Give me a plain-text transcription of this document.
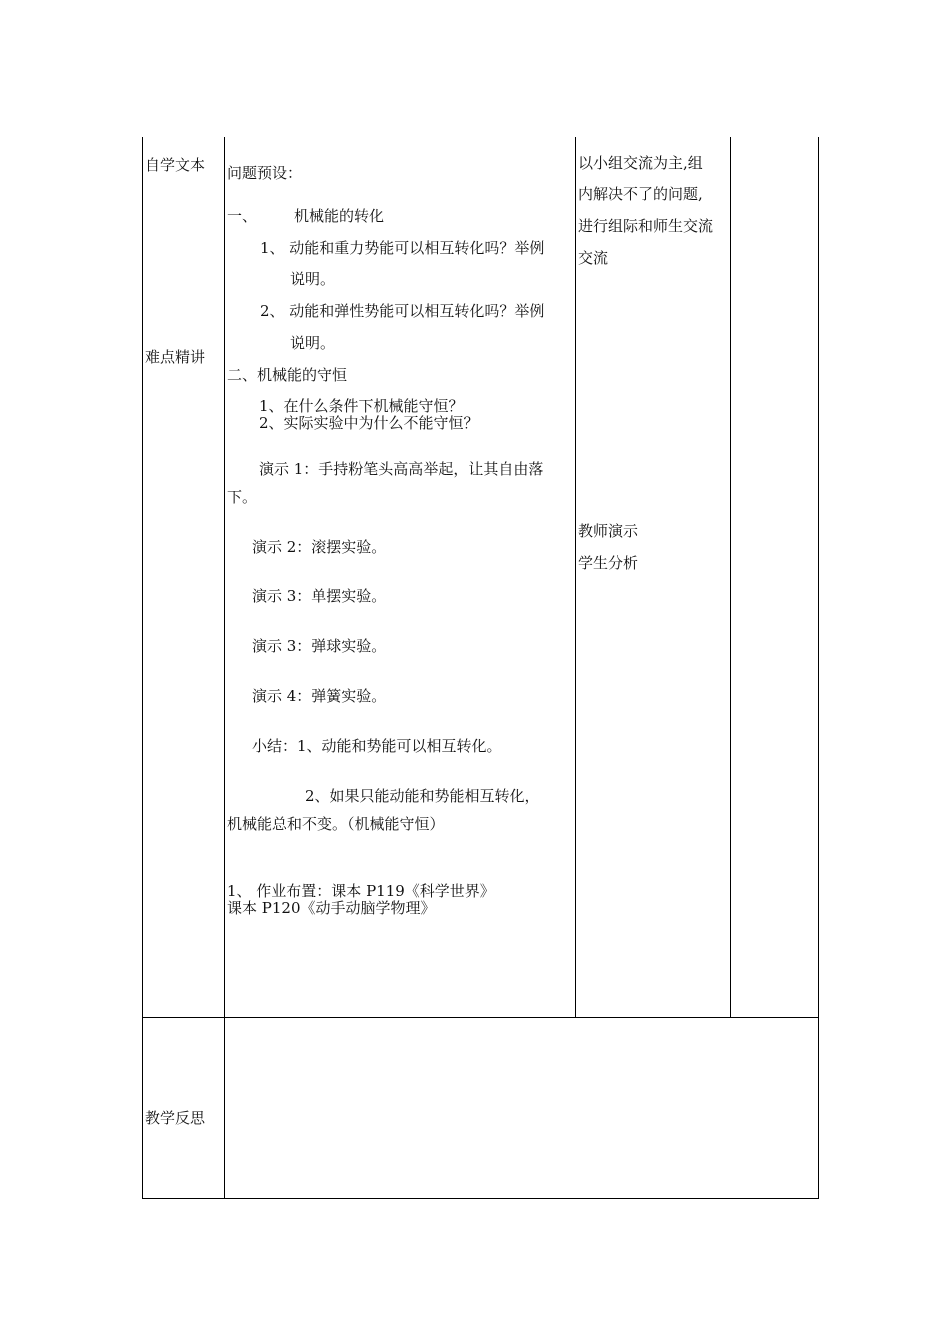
自学文本
难点精讲
教学反思
问题预设：
一、 机械能的转化
1、 动能和重力势能可以相互转化吗？举例
说明。
2、 动能和弹性势能可以相互转化吗？举例
说明。
二、机械能的守恒
1、在什么条件下机械能守恒？
2、实际实验中为什么不能守恒？
演示 1：手持粉笔头高高举起，让其自由落
下。
演示 2：滚摆实验。
演示 3：单摆实验。
演示 3：弹球实验。
演示 4：弹簧实验。
小结：1、动能和势能可以相互转化。
2、如果只能动能和势能相互转化，
机械能总和不变。（机械能守恒）
1、 作业布置：课本 P119《科学世界》
课本 P120《动手动脑学物理》
以小组交流为主,组
内解决不了的问题,
进行组际和师生交流
交流
教师演示
学生分析
